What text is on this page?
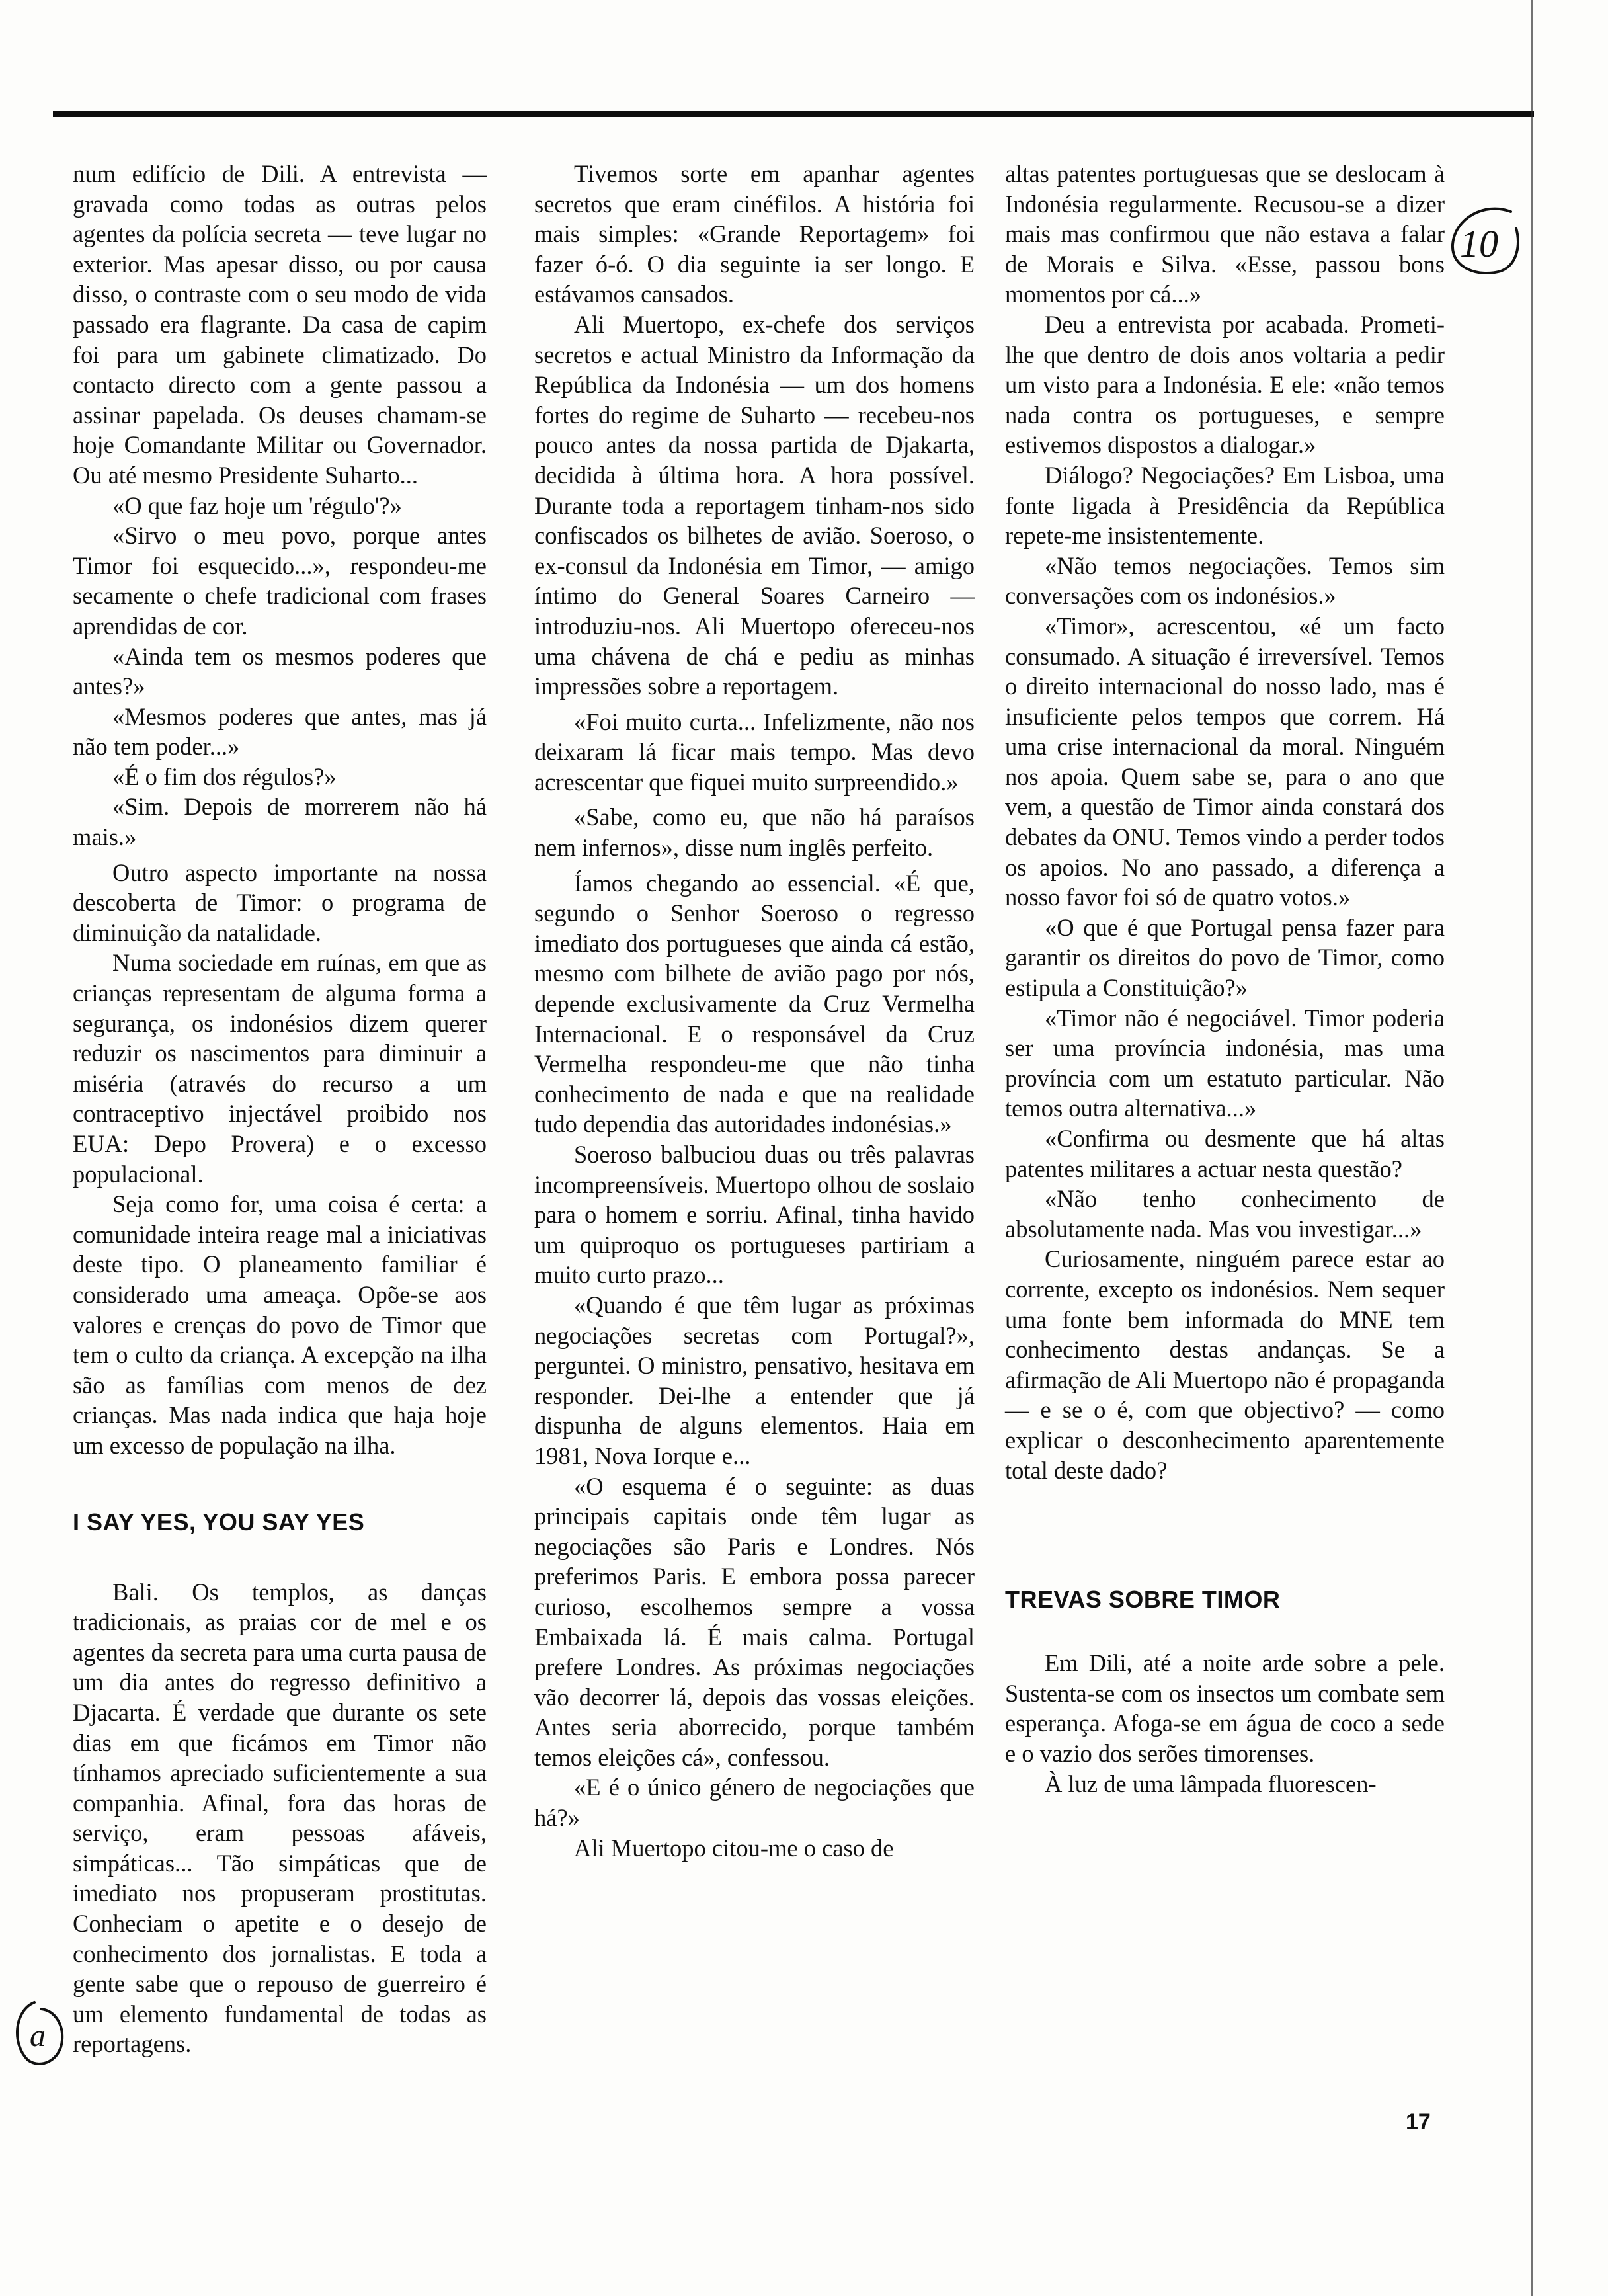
num edifício de Dili. A entrevista — gravada como todas as outras pelos agentes da polícia secreta — teve lugar no exterior. Mas apesar disso, ou por causa disso, o contraste com o seu modo de vida passado era flagrante. Da casa de capim foi para um gabinete climatizado. Do contacto directo com a gente passou a assinar papelada. Os deuses chamam-se hoje Comandante Militar ou Governador. Ou até mesmo Presidente Suharto...

«O que faz hoje um 'régulo'?»

«Sirvo o meu povo, porque antes Timor foi esquecido...», respondeu-me secamente o chefe tradicional com frases aprendidas de cor.

«Ainda tem os mesmos poderes que antes?»

«Mesmos poderes que antes, mas já não tem poder...»

«É o fim dos régulos?»

«Sim. Depois de morrerem não há mais.»

Outro aspecto importante na nossa descoberta de Timor: o programa de diminuição da natalidade.

Numa sociedade em ruínas, em que as crianças representam de alguma forma a segurança, os indonésios dizem querer reduzir os nascimentos para diminuir a miséria (através do recurso a um contraceptivo injectável proibido nos EUA: Depo Provera) e o excesso populacional.

Seja como for, uma coisa é certa: a comunidade inteira reage mal a iniciativas deste tipo. O planeamento familiar é considerado uma ameaça. Opõe-se aos valores e crenças do povo de Timor que tem o culto da criança. A excepção na ilha são as famílias com menos de dez crianças. Mas nada indica que haja hoje um excesso de população na ilha.

I SAY YES, YOU SAY YES

Bali. Os templos, as danças tradicionais, as praias cor de mel e os agentes da secreta para uma curta pausa de um dia antes do regresso definitivo a Djacarta. É verdade que durante os sete dias em que ficámos em Timor não tínhamos apreciado suficientemente a sua companhia. Afinal, fora das horas de serviço, eram pessoas afáveis, simpáticas... Tão simpáticas que de imediato nos propuseram prostitutas. Conheciam o apetite e o desejo de conhecimento dos jornalistas. E toda a gente sabe que o repouso de guerreiro é um elemento fundamental de todas as reportagens.

Tivemos sorte em apanhar agentes secretos que eram cinéfilos. A história foi mais simples: «Grande Reportagem» foi fazer ó-ó. O dia seguinte ia ser longo. E estávamos cansados.

Ali Muertopo, ex-chefe dos serviços secretos e actual Ministro da Informação da República da Indonésia — um dos homens fortes do regime de Suharto — recebeu-nos pouco antes da nossa partida de Djakarta, decidida à última hora. A hora possível. Durante toda a reportagem tinham-nos sido confiscados os bilhetes de avião. Soeroso, o ex-consul da Indonésia em Timor, — amigo íntimo do General Soares Carneiro — introduziu-nos. Ali Muertopo ofereceu-nos uma chávena de chá e pediu as minhas impressões sobre a reportagem.

«Foi muito curta... Infelizmente, não nos deixaram lá ficar mais tempo. Mas devo acrescentar que fiquei muito surpreendido.»

«Sabe, como eu, que não há paraísos nem infernos», disse num inglês perfeito.

Íamos chegando ao essencial. «É que, segundo o Senhor Soeroso o regresso imediato dos portugueses que ainda cá estão, mesmo com bilhete de avião pago por nós, depende exclusivamente da Cruz Vermelha Internacional. E o responsável da Cruz Vermelha respondeu-me que não tinha conhecimento de nada e que na realidade tudo dependia das autoridades indonésias.»

Soeroso balbuciou duas ou três palavras incompreensíveis. Muertopo olhou de soslaio para o homem e sorriu. Afinal, tinha havido um quiproquo os portugueses partiriam a muito curto prazo...

«Quando é que têm lugar as próximas negociações secretas com Portugal?», perguntei. O ministro, pensativo, hesitava em responder. Dei-lhe a entender que já dispunha de alguns elementos. Haia em 1981, Nova Iorque e...

«O esquema é o seguinte: as duas principais capitais onde têm lugar as negociações são Paris e Londres. Nós preferimos Paris. E embora possa parecer curioso, escolhemos sempre a vossa Embaixada lá. É mais calma. Portugal prefere Londres. As próximas negociações vão decorrer lá, depois das vossas eleições. Antes seria aborrecido, porque também temos eleições cá», confessou.

«E é o único género de negociações que há?»

Ali Muertopo citou-me o caso de

altas patentes portuguesas que se deslocam à Indonésia regularmente. Recusou-se a dizer mais mas confirmou que não estava a falar de Morais e Silva. «Esse, passou bons momentos por cá...»

Deu a entrevista por acabada. Prometi-lhe que dentro de dois anos voltaria a pedir um visto para a Indonésia. E ele: «não temos nada contra os portugueses, e sempre estivemos dispostos a dialogar.»

Diálogo? Negociações? Em Lisboa, uma fonte ligada à Presidência da República repete-me insistentemente.

«Não temos negociações. Temos sim conversações com os indonésios.»

«Timor», acrescentou, «é um facto consumado. A situação é irreversível. Temos o direito internacional do nosso lado, mas é insuficiente pelos tempos que correm. Há uma crise internacional da moral. Ninguém nos apoia. Quem sabe se, para o ano que vem, a questão de Timor ainda constará dos debates da ONU. Temos vindo a perder todos os apoios. No ano passado, a diferença a nosso favor foi só de quatro votos.»

«O que é que Portugal pensa fazer para garantir os direitos do povo de Timor, como estipula a Constituição?»

«Timor não é negociável. Timor poderia ser uma província indonésia, mas uma província com um estatuto particular. Não temos outra alternativa...»

«Confirma ou desmente que há altas patentes militares a actuar nesta questão?

«Não tenho conhecimento de absolutamente nada. Mas vou investigar...»

Curiosamente, ninguém parece estar ao corrente, excepto os indonésios. Nem sequer uma fonte bem informada do MNE tem conhecimento destas andanças. Se a afirmação de Ali Muertopo não é propaganda — e se o é, com que objectivo? — como explicar o desconhecimento aparentemente total deste dado?

TREVAS SOBRE TIMOR

Em Dili, até a noite arde sobre a pele. Sustenta-se com os insectos um combate sem esperança. Afoga-se em água de coco a sede e o vazio dos serões timorenses.

À luz de uma lâmpada fluorescen-

17
10
a
